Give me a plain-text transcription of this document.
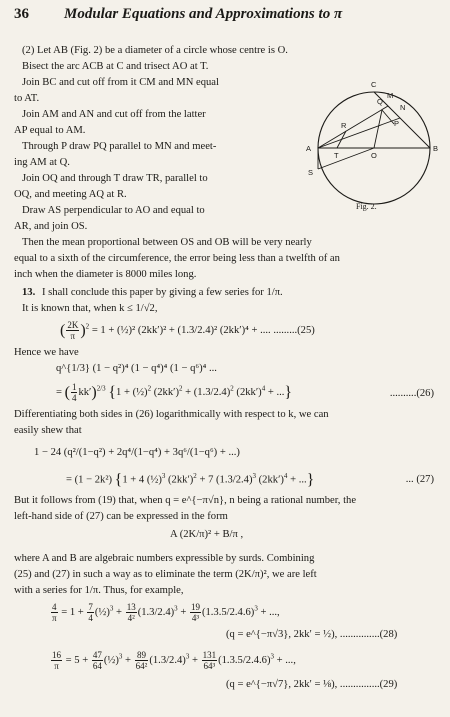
36 Modular Equations and Approximations to π
C
Q
M
N
R	P
A
T	O
B
S
Fig. 2.
(2) Let AB (Fig. 2) be a diameter of a circle whose centre is O.
Bisect the arc ACB at C and trisect AO at T.
Join BC and cut off from it CM and MN equal
to AT.
Join AM and AN and cut off from the latter
AP equal to AM.
Through P draw PQ parallel to MN and meet-
ing AM at Q.
Join OQ and through T draw TR, parallel to
OQ, and meeting AQ at R.
Draw AS perpendicular to AO and equal to
AR, and join OS.
Then the mean proportional between OS and OB will be very nearly
equal to a sixth of the circumference, the error being less than a twelfth of an
inch when the diameter is 8000 miles long.
13. I shall conclude this paper by giving a few series for 1/π.
It is known that, when k ≤ 1/√2,
( $\frac{2K}{\pi} )^2 = 1$ + (½)² (2kk′)² + (1.3/2.4)² (2kk′)⁴ + .... .........(25)
Hence we have
q^{1/3} (1 − q²)⁴ (1 − q⁴)⁴ (1 − q⁶)⁴ ...
= ( $\frac{1}{4} kk')^{2/3}$ {1 + (½)$^2$ $(2kk')^2 + (1.3/2.4)^2$ $(2kk')^4$ + ...}	..........(26)
Differentiating both sides in (26) logarithmically with respect to k, we can
easily shew that
1 − 24 (q²/(1−q²) + 2q⁴/(1−q⁴) + 3q⁶/(1−q⁶) + ...)
= (1 − 2k²) {1 + 4 (½)$^3$ $(2kk')^2 + 7$ $(1.3/2.4)^3$ $(2kk')^4$ + ...}	... (27)
But it follows from (19) that, when q = e^{−π√n}, n being a rational number, the
left-hand side of (27) can be expressed in the form
A (2K/π)² + B/π ,
where A and B are algebraic numbers expressible by surds. Combining
(25) and (27) in such a way as to eliminate the term (2K/π)², we are left
with a series for 1/π. Thus, for example,
$\frac{4}{\pi} = 1 + \frac{7}{4}$ (½)$^3$ + $\frac{13}{\text{4²}} (1.3/2.4)^3 + \frac{19}{\text{4³}} (1.3.5/2.4.6)^3$ + ...,
(q = e^{−π√3}, 2kk′ = ½), ...............(28)
$\frac{16}{\pi} = 5 + \frac{47}{64}$ (½)$^3$ + $\frac{89}{\text{64²}} (1.3/2.4)^3 + \frac{131}{\text{64³}} (1.3.5/2.4.6)^3$ + ...,
(q = e^{−π√7}, 2kk′ = ⅛), ...............(29)
